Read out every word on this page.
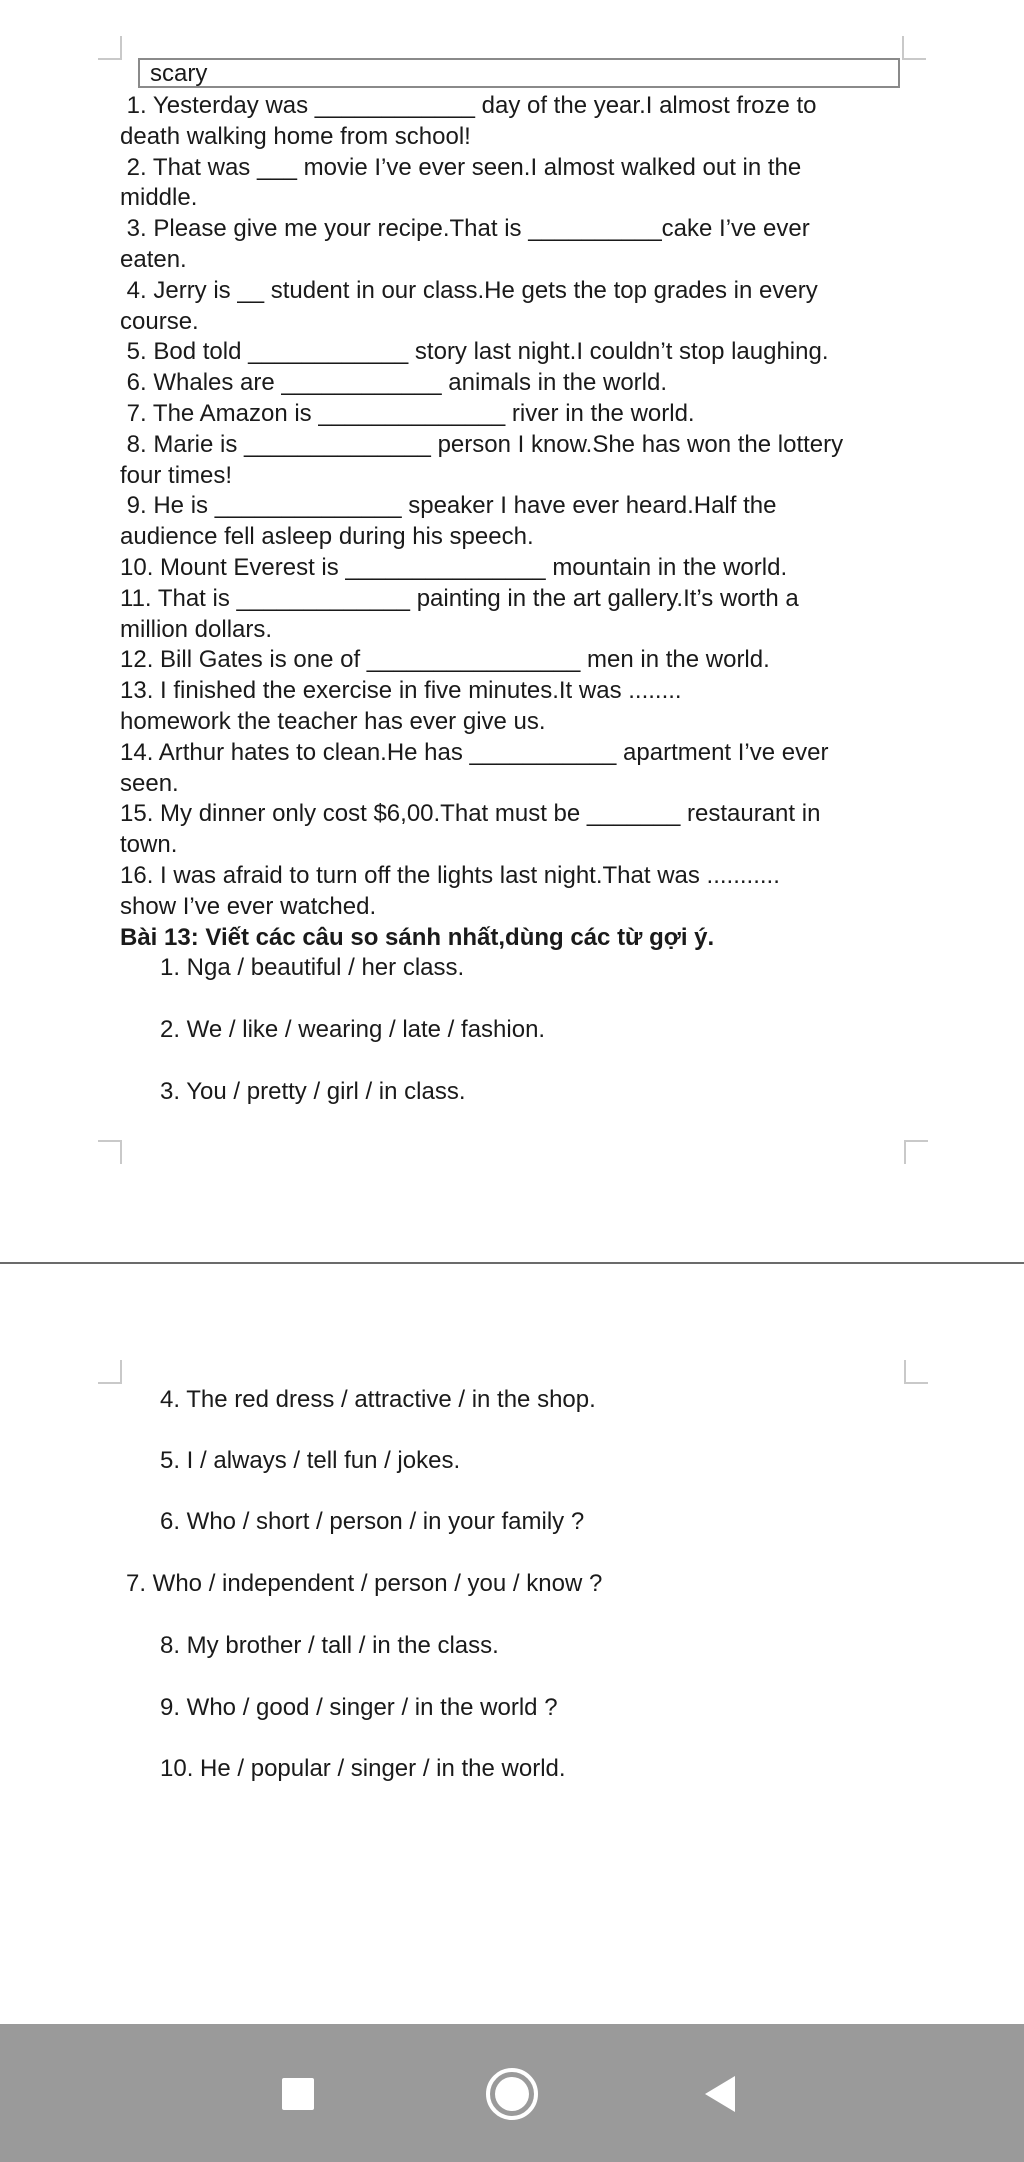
scary

1. Yesterday was ____________ day of the year.I almost froze to
death walking home from school!

2. That was ___ movie I’ve ever seen.I almost walked out in the
middle.

3. Please give me your recipe.That is __________cake I’ve ever
eaten.

4. Jerry is __ student in our class.He gets the top grades in every
course.

5. Bod told ____________ story last night.I couldn’t stop laughing.

6. Whales are ____________ animals in the world.

7. The Amazon is ______________ river in the world.

8. Marie is ______________ person I know.She has won the lottery
four times!

9. He is ______________ speaker I have ever heard.Half the
audience fell asleep during his speech.

10. Mount Everest is _______________ mountain in the world.

11. That is _____________ painting in the art gallery.It’s worth a
million dollars.

12. Bill Gates is one of ________________ men in the world.

13. I finished the exercise in five minutes.It was ........
homework the teacher has ever give us.

14. Arthur hates to clean.He has ___________ apartment I’ve ever
seen.

15. My dinner only cost $6,00.That must be _______ restaurant in
town.

16. I was afraid to turn off the lights last night.That was ...........
show I’ve ever watched.

Bài 13: Viết các câu so sánh nhất,dùng các từ gợi ý.

1. Nga / beautiful / her class.
2. We / like / wearing / late / fashion.
3. You / pretty / girl / in class.
4. The red dress / attractive / in the shop.
5. I / always / tell fun / jokes.
6. Who / short / person / in your family ?
7. Who / independent / person / you / know ?
8. My brother / tall / in the class.
9. Who / good / singer / in the world ?
10. He / popular / singer / in the world.
